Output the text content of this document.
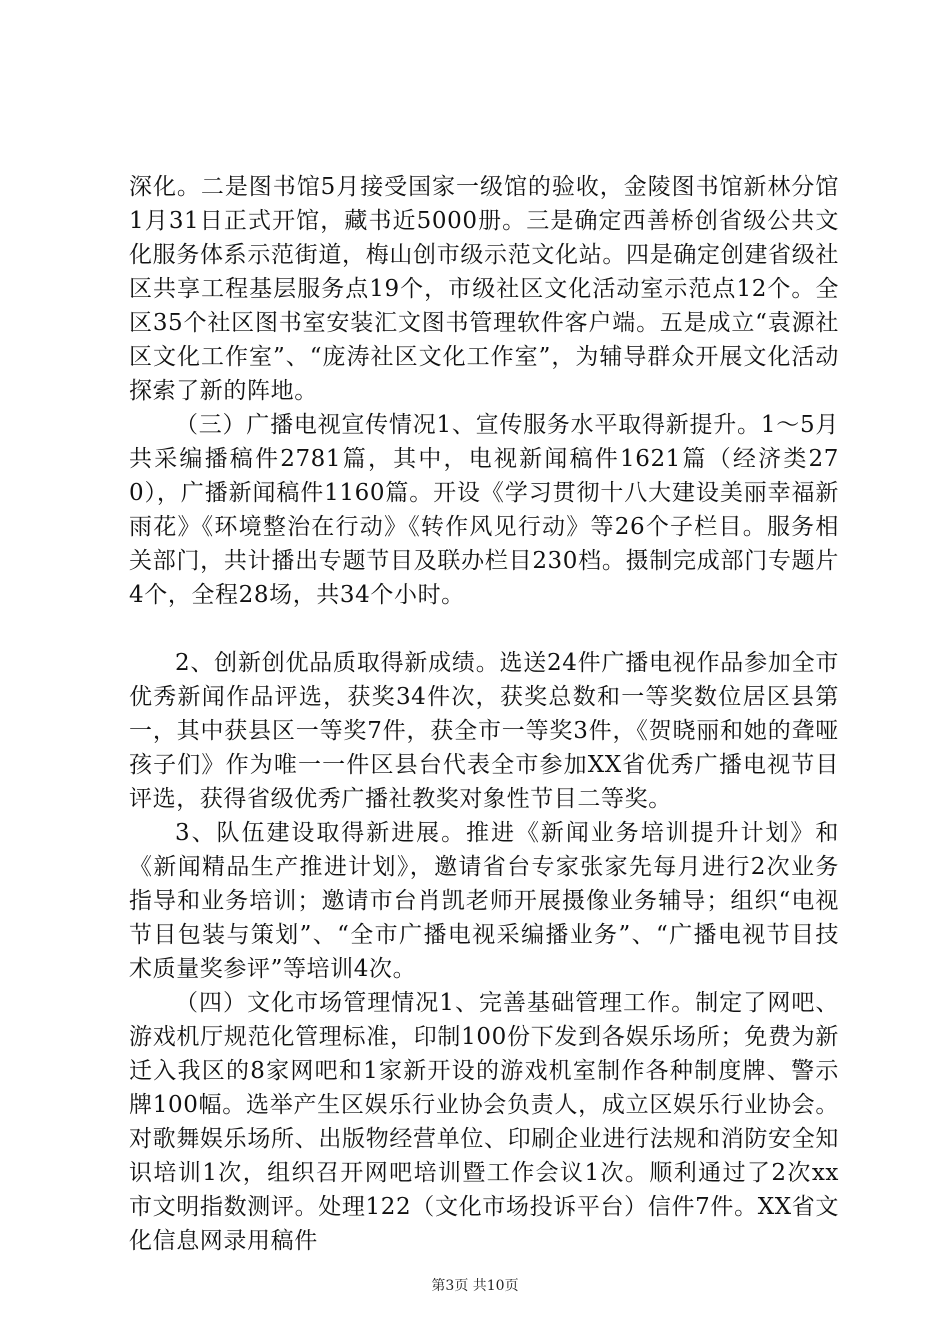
深化。二是图书馆5月接受国家一级馆的验收，金陵图书馆新林分馆1月31日正式开馆，藏书近5000册。三是确定西善桥创省级公共文化服务体系示范街道，梅山创市级示范文化站。四是确定创建省级社区共享工程基层服务点19个，市级社区文化活动室示范点12个。全区35个社区图书室安装汇文图书管理软件客户端。五是成立“袁源社区文化工作室”、“庞涛社区文化工作室”，为辅导群众开展文化活动探索了新的阵地。

（三）广播电视宣传情况1、宣传服务水平取得新提升。1～5月共采编播稿件2781篇，其中，电视新闻稿件1621篇（经济类270），广播新闻稿件1160篇。开设《学习贯彻十八大建设美丽幸福新雨花》《环境整治在行动》《转作风见行动》等26个子栏目。服务相关部门，共计播出专题节目及联办栏目230档。摄制完成部门专题片4个，全程28场，共34个小时。

2、创新创优品质取得新成绩。选送24件广播电视作品参加全市优秀新闻作品评选，获奖34件次，获奖总数和一等奖数位居区县第一，其中获县区一等奖7件，获全市一等奖3件，《贺晓丽和她的聋哑孩子们》作为唯一一件区县台代表全市参加XX省优秀广播电视节目评选，获得省级优秀广播社教奖对象性节目二等奖。

3、队伍建设取得新进展。推进《新闻业务培训提升计划》和《新闻精品生产推进计划》，邀请省台专家张家先每月进行2次业务指导和业务培训；邀请市台肖凯老师开展摄像业务辅导；组织“电视节目包装与策划”、“全市广播电视采编播业务”、“广播电视节目技术质量奖参评”等培训4次。

（四）文化市场管理情况1、完善基础管理工作。制定了网吧、游戏机厅规范化管理标准，印制100份下发到各娱乐场所；免费为新迁入我区的8家网吧和1家新开设的游戏机室制作各种制度牌、警示牌100幅。选举产生区娱乐行业协会负责人，成立区娱乐行业协会。对歌舞娱乐场所、出版物经营单位、印刷企业进行法规和消防安全知识培训1次，组织召开网吧培训暨工作会议1次。顺利通过了2次xx市文明指数测评。处理122（文化市场投诉平台）信件7件。XX省文化信息网录用稿件

第3页 共10页
